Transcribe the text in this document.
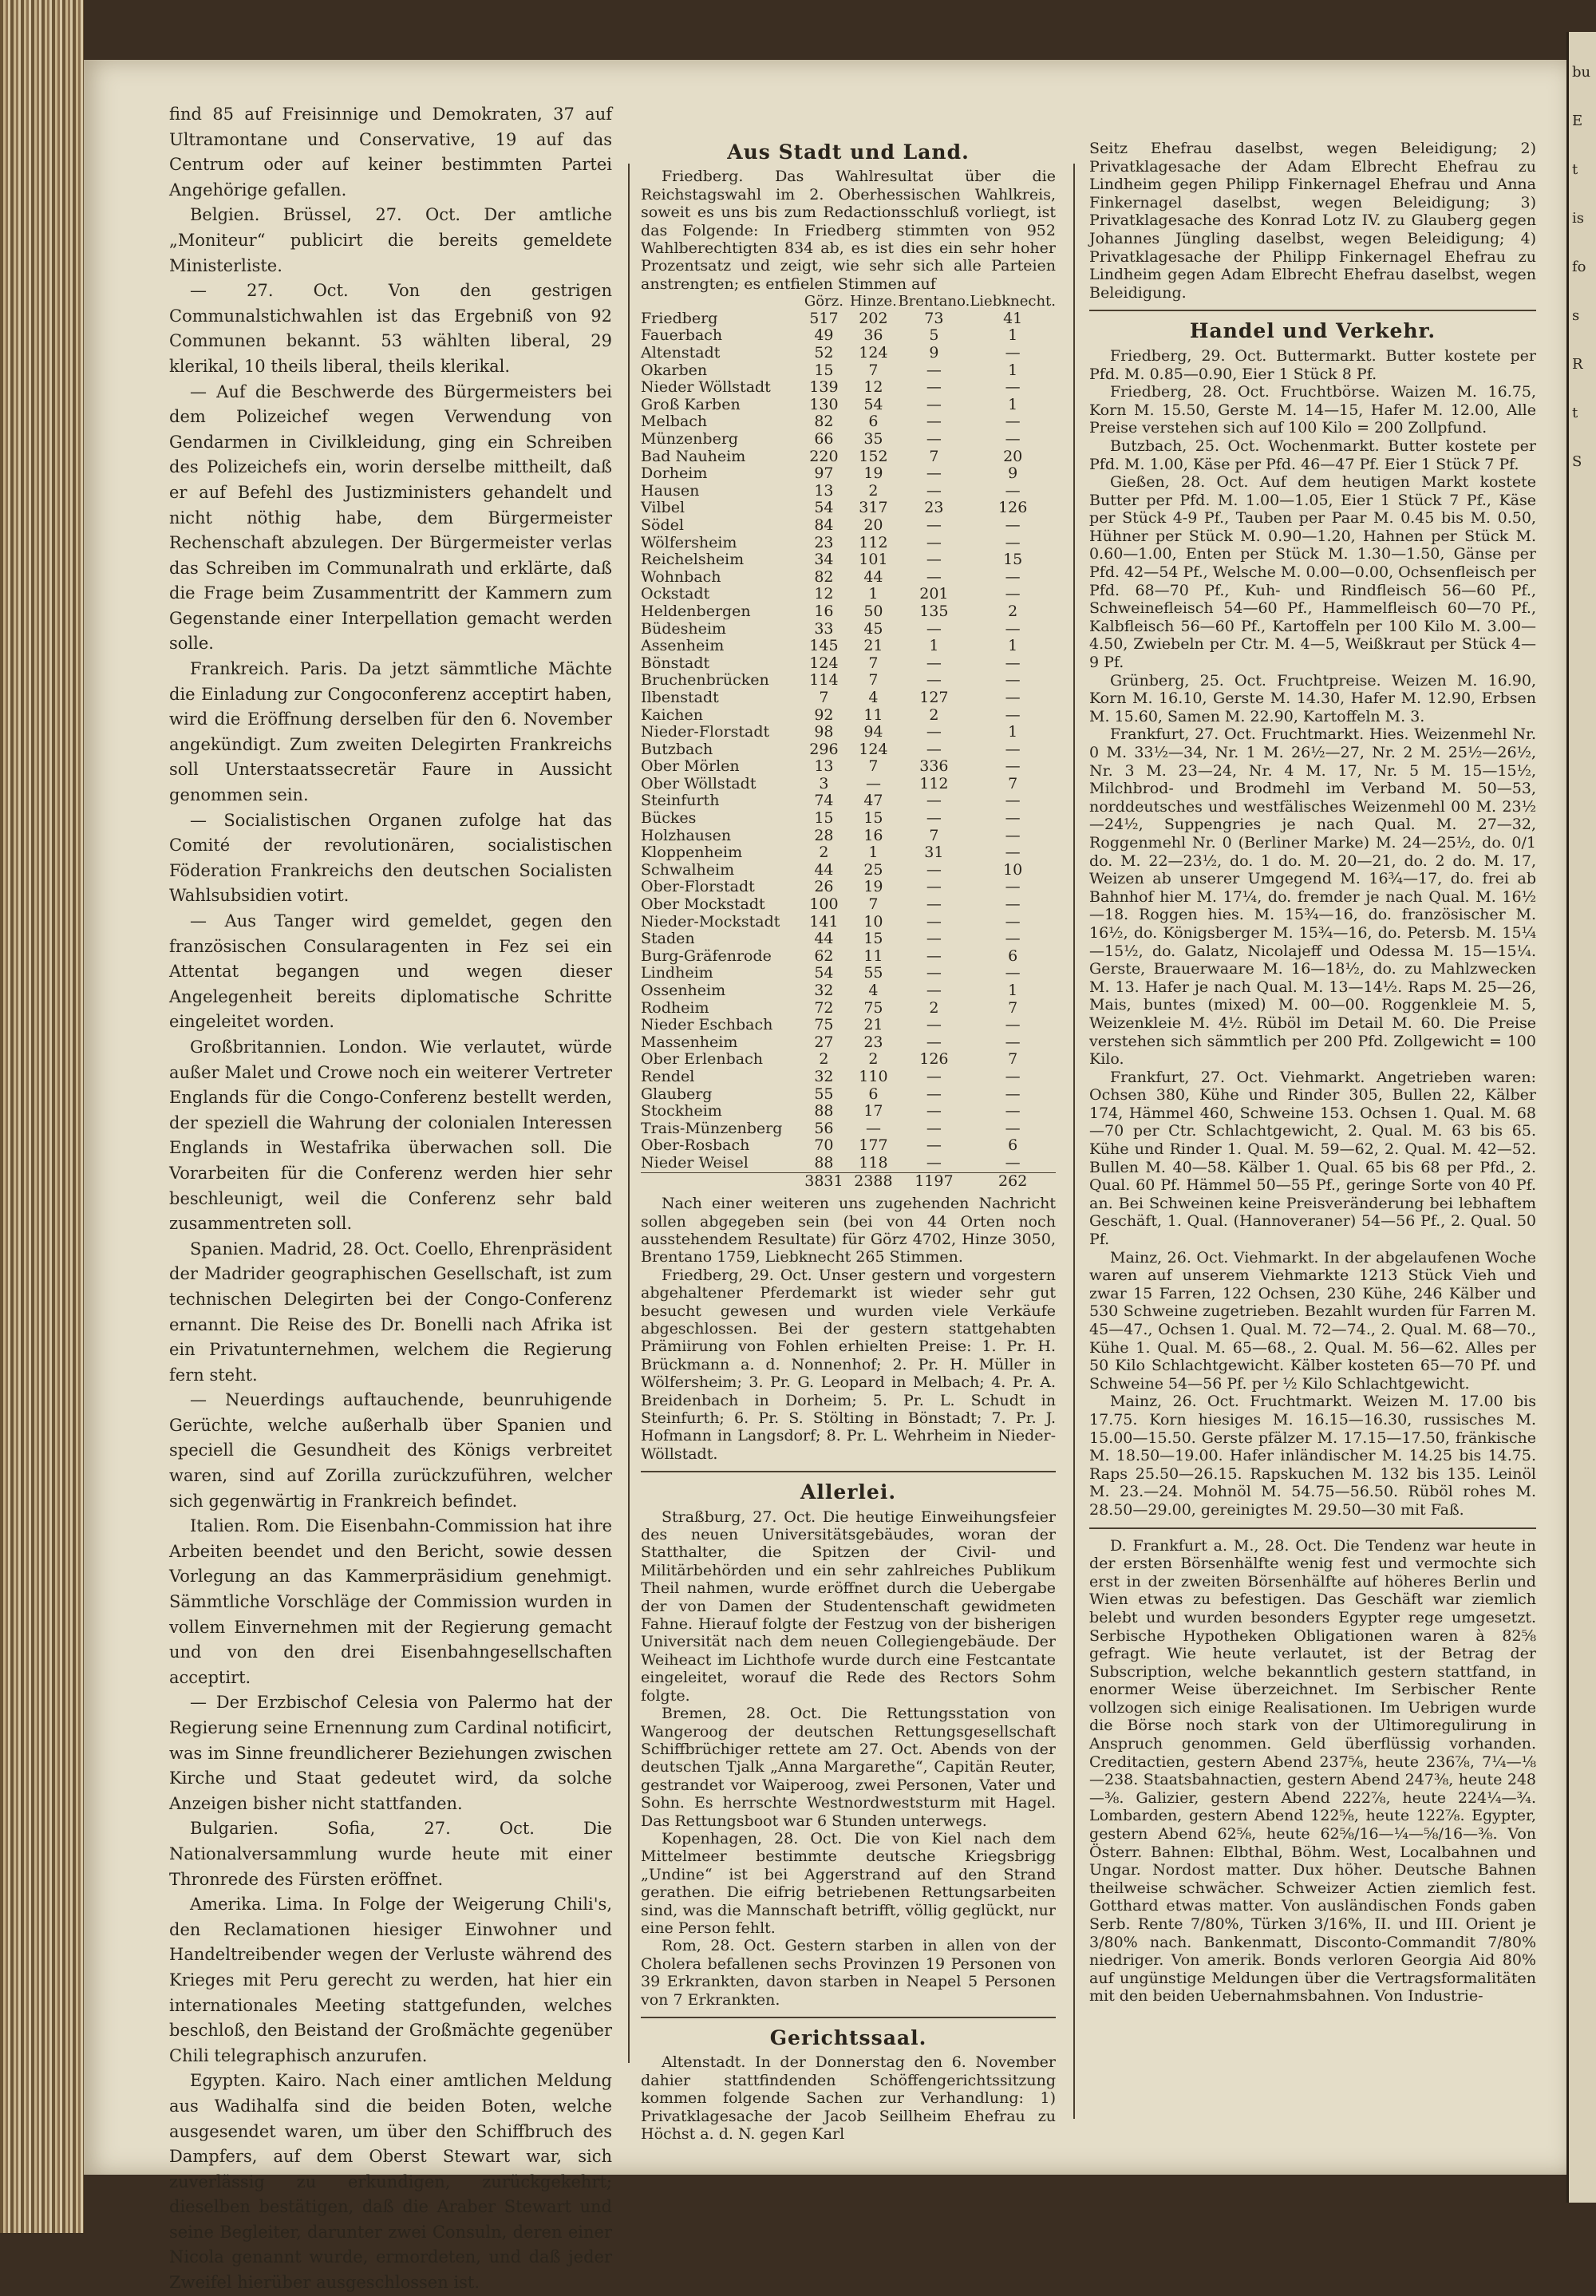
bu
E
t
is
fo
s
R
t
S

find 85 auf Freisinnige und Demokraten, 37 auf Ultramontane und Conservative, 19 auf das Centrum oder auf keiner bestimmten Partei Angehörige gefallen.

Belgien. Brüssel, 27. Oct. Der amtliche „Moniteur“ publicirt die bereits gemeldete Ministerliste.

— 27. Oct. Von den gestrigen Communalstichwahlen ist das Ergebniß von 92 Communen bekannt. 53 wählten liberal, 29 klerikal, 10 theils liberal, theils klerikal.

— Auf die Beschwerde des Bürgermeisters bei dem Polizeichef wegen Verwendung von Gendarmen in Civilkleidung, ging ein Schreiben des Polizeichefs ein, worin derselbe mittheilt, daß er auf Befehl des Justizministers gehandelt und nicht nöthig habe, dem Bürgermeister Rechenschaft abzulegen. Der Bürgermeister verlas das Schreiben im Communalrath und erklärte, daß die Frage beim Zusammentritt der Kammern zum Gegenstande einer Interpellation gemacht werden solle.

Frankreich. Paris. Da jetzt sämmtliche Mächte die Einladung zur Congoconferenz acceptirt haben, wird die Eröffnung derselben für den 6. November angekündigt. Zum zweiten Delegirten Frankreichs soll Unterstaatssecretär Faure in Aussicht genommen sein.

— Socialistischen Organen zufolge hat das Comité der revolutionären, socialistischen Föderation Frankreichs den deutschen Socialisten Wahlsubsidien votirt.

— Aus Tanger wird gemeldet, gegen den französischen Consularagenten in Fez sei ein Attentat begangen und wegen dieser Angelegenheit bereits diplomatische Schritte eingeleitet worden.

Großbritannien. London. Wie verlautet, würde außer Malet und Crowe noch ein weiterer Vertreter Englands für die Congo-Conferenz bestellt werden, der speziell die Wahrung der colonialen Interessen Englands in Westafrika überwachen soll. Die Vorarbeiten für die Conferenz werden hier sehr beschleunigt, weil die Conferenz sehr bald zusammentreten soll.

Spanien. Madrid, 28. Oct. Coello, Ehrenpräsident der Madrider geographischen Gesellschaft, ist zum technischen Delegirten bei der Congo-Conferenz ernannt. Die Reise des Dr. Bonelli nach Afrika ist ein Privatunternehmen, welchem die Regierung fern steht.

— Neuerdings auftauchende, beunruhigende Gerüchte, welche außerhalb über Spanien und speciell die Gesundheit des Königs verbreitet waren, sind auf Zorilla zurückzuführen, welcher sich gegenwärtig in Frankreich befindet.

Italien. Rom. Die Eisenbahn-Commission hat ihre Arbeiten beendet und den Bericht, sowie dessen Vorlegung an das Kammerpräsidium genehmigt. Sämmtliche Vorschläge der Commission wurden in vollem Einvernehmen mit der Regierung gemacht und von den drei Eisenbahngesellschaften acceptirt.

— Der Erzbischof Celesia von Palermo hat der Regierung seine Ernennung zum Cardinal notificirt, was im Sinne freundlicherer Beziehungen zwischen Kirche und Staat gedeutet wird, da solche Anzeigen bisher nicht stattfanden.

Bulgarien. Sofia, 27. Oct. Die Nationalversammlung wurde heute mit einer Thronrede des Fürsten eröffnet.

Amerika. Lima. In Folge der Weigerung Chili's, den Reclamationen hiesiger Einwohner und Handeltreibender wegen der Verluste während des Krieges mit Peru gerecht zu werden, hat hier ein internationales Meeting stattgefunden, welches beschloß, den Beistand der Großmächte gegenüber Chili telegraphisch anzurufen.

Egypten. Kairo. Nach einer amtlichen Meldung aus Wadihalfa sind die beiden Boten, welche ausgesendet waren, um über den Schiffbruch des Dampfers, auf dem Oberst Stewart war, sich zuverlässig zu erkundigen, zurückgekehrt; dieselben bestätigen, daß die Araber Stewart und seine Begleiter, darunter zwei Consuln, deren einer Nicola genannt wurde, ermordeten, und daß jeder Zweifel hierüber ausgeschlossen ist.

Aus Stadt und Land.

Friedberg. Das Wahlresultat über die Reichstagswahl im 2. Oberhessischen Wahlkreis, soweit es uns bis zum Redactionsschluß vorliegt, ist das Folgende: In Friedberg stimmten von 952 Wahlberechtigten 834 ab, es ist dies ein sehr hoher Prozentsatz und zeigt, wie sehr sich alle Parteien anstrengten; es entfielen Stimmen auf

	Görz.	Hinze.	Brentano.	Liebknecht.
Friedberg	517	202	73	41
Fauerbach	49	36	5	1
Altenstadt	52	124	9	—
Okarben	15	7	—	1
Nieder Wöllstadt	139	12	—	—
Groß Karben	130	54	—	1
Melbach	82	6	—	—
Münzenberg	66	35	—	—
Bad Nauheim	220	152	7	20
Dorheim	97	19	—	9
Hausen	13	2	—	—
Vilbel	54	317	23	126
Södel	84	20	—	—
Wölfersheim	23	112	—	—
Reichelsheim	34	101	—	15
Wohnbach	82	44	—	—
Ockstadt	12	1	201	—
Heldenbergen	16	50	135	2
Büdesheim	33	45	—	—
Assenheim	145	21	1	1
Bönstadt	124	7	—	—
Bruchenbrücken	114	7	—	—
Ilbenstadt	7	4	127	—
Kaichen	92	11	2	—
Nieder-Florstadt	98	94	—	1
Butzbach	296	124	—	—
Ober Mörlen	13	7	336	—
Ober Wöllstadt	3	—	112	7
Steinfurth	74	47	—	—
Bückes	15	15	—	—
Holzhausen	28	16	7	—
Kloppenheim	2	1	31	—
Schwalheim	44	25	—	10
Ober-Florstadt	26	19	—	—
Ober Mockstadt	100	7	—	—
Nieder-Mockstadt	141	10	—	—
Staden	44	15	—	—
Burg-Gräfenrode	62	11	—	6
Lindheim	54	55	—	—
Ossenheim	32	4	—	1
Rodheim	72	75	2	7
Nieder Eschbach	75	21	—	—
Massenheim	27	23	—	—
Ober Erlenbach	2	2	126	7
Rendel	32	110	—	—
Glauberg	55	6	—	—
Stockheim	88	17	—	—
Trais-Münzenberg	56	—	—	—
Ober-Rosbach	70	177	—	6
Nieder Weisel	88	118	—	—
	3831	2388	1197	262

Nach einer weiteren uns zugehenden Nachricht sollen abgegeben sein (bei von 44 Orten noch ausstehendem Resultate) für Görz 4702, Hinze 3050, Brentano 1759, Liebknecht 265 Stimmen.

Friedberg, 29. Oct. Unser gestern und vorgestern abgehaltener Pferdemarkt ist wieder sehr gut besucht gewesen und wurden viele Verkäufe abgeschlossen. Bei der gestern stattgehabten Prämiirung von Fohlen erhielten Preise: 1. Pr. H. Brückmann a. d. Nonnenhof; 2. Pr. H. Müller in Wölfersheim; 3. Pr. G. Leopard in Melbach; 4. Pr. A. Breidenbach in Dorheim; 5. Pr. L. Schudt in Steinfurth; 6. Pr. S. Stölting in Bönstadt; 7. Pr. J. Hofmann in Langsdorf; 8. Pr. L. Wehrheim in Nieder-Wöllstadt.

Allerlei.

Straßburg, 27. Oct. Die heutige Einweihungsfeier des neuen Universitätsgebäudes, woran der Statthalter, die Spitzen der Civil- und Militärbehörden und ein sehr zahlreiches Publikum Theil nahmen, wurde eröffnet durch die Uebergabe der von Damen der Studentenschaft gewidmeten Fahne. Hierauf folgte der Festzug von der bisherigen Universität nach dem neuen Collegiengebäude. Der Weiheact im Lichthofe wurde durch eine Festcantate eingeleitet, worauf die Rede des Rectors Sohm folgte.

Bremen, 28. Oct. Die Rettungsstation von Wangeroog der deutschen Rettungsgesellschaft Schiffbrüchiger rettete am 27. Oct. Abends von der deutschen Tjalk „Anna Margarethe“, Capitän Reuter, gestrandet vor Waiperoog, zwei Personen, Vater und Sohn. Es herrschte Westnordweststurm mit Hagel. Das Rettungsboot war 6 Stunden unterwegs.

Kopenhagen, 28. Oct. Die von Kiel nach dem Mittelmeer bestimmte deutsche Kriegsbrigg „Undine“ ist bei Aggerstrand auf den Strand gerathen. Die eifrig betriebenen Rettungsarbeiten sind, was die Mannschaft betrifft, völlig geglückt, nur eine Person fehlt.

Rom, 28. Oct. Gestern starben in allen von der Cholera befallenen sechs Provinzen 19 Personen von 39 Erkrankten, davon starben in Neapel 5 Personen von 7 Erkrankten.

Gerichtssaal.

Altenstadt. In der Donnerstag den 6. November dahier stattfindenden Schöffengerichtssitzung kommen folgende Sachen zur Verhandlung: 1) Privatklagesache der Jacob Seillheim Ehefrau zu Höchst a. d. N. gegen Karl

Seitz Ehefrau daselbst, wegen Beleidigung; 2) Privatklagesache der Adam Elbrecht Ehefrau zu Lindheim gegen Philipp Finkernagel Ehefrau und Anna Finkernagel daselbst, wegen Beleidigung; 3) Privatklagesache des Konrad Lotz IV. zu Glauberg gegen Johannes Jüngling daselbst, wegen Beleidigung; 4) Privatklagesache der Philipp Finkernagel Ehefrau zu Lindheim gegen Adam Elbrecht Ehefrau daselbst, wegen Beleidigung.

Handel und Verkehr.

Friedberg, 29. Oct. Buttermarkt. Butter kostete per Pfd. M. 0.85—0.90, Eier 1 Stück 8 Pf.

Friedberg, 28. Oct. Fruchtbörse. Waizen M. 16.75, Korn M. 15.50, Gerste M. 14—15, Hafer M. 12.00, Alle Preise verstehen sich auf 100 Kilo = 200 Zollpfund.

Butzbach, 25. Oct. Wochenmarkt. Butter kostete per Pfd. M. 1.00, Käse per Pfd. 46—47 Pf. Eier 1 Stück 7 Pf.

Gießen, 28. Oct. Auf dem heutigen Markt kostete Butter per Pfd. M. 1.00—1.05, Eier 1 Stück 7 Pf., Käse per Stück 4-9 Pf., Tauben per Paar M. 0.45 bis M. 0.50, Hühner per Stück M. 0.90—1.20, Hahnen per Stück M. 0.60—1.00, Enten per Stück M. 1.30—1.50, Gänse per Pfd. 42—54 Pf., Welsche M. 0.00—0.00, Ochsenfleisch per Pfd. 68—70 Pf., Kuh- und Rindfleisch 56—60 Pf., Schweinefleisch 54—60 Pf., Hammelfleisch 60—70 Pf., Kalbfleisch 56—60 Pf., Kartoffeln per 100 Kilo M. 3.00—4.50, Zwiebeln per Ctr. M. 4—5, Weißkraut per Stück 4—9 Pf.

Grünberg, 25. Oct. Fruchtpreise. Weizen M. 16.90, Korn M. 16.10, Gerste M. 14.30, Hafer M. 12.90, Erbsen M. 15.60, Samen M. 22.90, Kartoffeln M. 3.

Frankfurt, 27. Oct. Fruchtmarkt. Hies. Weizenmehl Nr. 0 M. 33½—34, Nr. 1 M. 26½—27, Nr. 2 M. 25½—26½, Nr. 3 M. 23—24, Nr. 4 M. 17, Nr. 5 M. 15—15½, Milchbrod- und Brodmehl im Verband M. 50—53, norddeutsches und westfälisches Weizenmehl 00 M. 23½—24½, Suppengries je nach Qual. M. 27—32, Roggenmehl Nr. 0 (Berliner Marke) M. 24—25½, do. 0/1 do. M. 22—23½, do. 1 do. M. 20—21, do. 2 do. M. 17, Weizen ab unserer Umgegend M. 16¾—17, do. frei ab Bahnhof hier M. 17¼, do. fremder je nach Qual. M. 16½—18. Roggen hies. M. 15¾—16, do. französischer M. 16½, do. Königsberger M. 15¾—16, do. Petersb. M. 15¼—15½, do. Galatz, Nicolajeff und Odessa M. 15—15¼. Gerste, Brauerwaare M. 16—18½, do. zu Mahlzwecken M. 13. Hafer je nach Qual. M. 13—14½. Raps M. 25—26, Mais, buntes (mixed) M. 00—00. Roggenkleie M. 5, Weizenkleie M. 4½. Rüböl im Detail M. 60. Die Preise verstehen sich sämmtlich per 200 Pfd. Zollgewicht = 100 Kilo.

Frankfurt, 27. Oct. Viehmarkt. Angetrieben waren: Ochsen 380, Kühe und Rinder 305, Bullen 22, Kälber 174, Hämmel 460, Schweine 153. Ochsen 1. Qual. M. 68—70 per Ctr. Schlachtgewicht, 2. Qual. M. 63 bis 65. Kühe und Rinder 1. Qual. M. 59—62, 2. Qual. M. 42—52. Bullen M. 40—58. Kälber 1. Qual. 65 bis 68 per Pfd., 2. Qual. 60 Pf. Hämmel 50—55 Pf., geringe Sorte von 40 Pf. an. Bei Schweinen keine Preisveränderung bei lebhaftem Geschäft, 1. Qual. (Hannoveraner) 54—56 Pf., 2. Qual. 50 Pf.

Mainz, 26. Oct. Viehmarkt. In der abgelaufenen Woche waren auf unserem Viehmarkte 1213 Stück Vieh und zwar 15 Farren, 122 Ochsen, 230 Kühe, 246 Kälber und 530 Schweine zugetrieben. Bezahlt wurden für Farren M. 45—47., Ochsen 1. Qual. M. 72—74., 2. Qual. M. 68—70., Kühe 1. Qual. M. 65—68., 2. Qual. M. 56—62. Alles per 50 Kilo Schlachtgewicht. Kälber kosteten 65—70 Pf. und Schweine 54—56 Pf. per ½ Kilo Schlachtgewicht.

Mainz, 26. Oct. Fruchtmarkt. Weizen M. 17.00 bis 17.75. Korn hiesiges M. 16.15—16.30, russisches M. 15.00—15.50. Gerste pfälzer M. 17.15—17.50, fränkische M. 18.50—19.00. Hafer inländischer M. 14.25 bis 14.75. Raps 25.50—26.15. Rapskuchen M. 132 bis 135. Leinöl M. 23.—24. Mohnöl M. 54.75—56.50. Rüböl rohes M. 28.50—29.00, gereinigtes M. 29.50—30 mit Faß.

D. Frankfurt a. M., 28. Oct. Die Tendenz war heute in der ersten Börsenhälfte wenig fest und vermochte sich erst in der zweiten Börsenhälfte auf höheres Berlin und Wien etwas zu befestigen. Das Geschäft war ziemlich belebt und wurden besonders Egypter rege umgesetzt. Serbische Hypotheken Obligationen waren à 82⅝ gefragt. Wie heute verlautet, ist der Betrag der Subscription, welche bekanntlich gestern stattfand, in enormer Weise überzeichnet. Im Serbischer Rente vollzogen sich einige Realisationen. Im Uebrigen wurde die Börse noch stark von der Ultimoregulirung in Anspruch genommen. Geld überflüssig vorhanden. Creditactien, gestern Abend 237⅝, heute 236⅞, 7¼—⅛—238. Staatsbahnactien, gestern Abend 247⅜, heute 248—⅜. Galizier, gestern Abend 222⅞, heute 224¼—¾. Lombarden, gestern Abend 122⅝, heute 122⅞. Egypter, gestern Abend 62⅝, heute 62⅝/16—¼—⅝/16—⅜. Von Österr. Bahnen: Elbthal, Böhm. West, Localbahnen und Ungar. Nordost matter. Dux höher. Deutsche Bahnen theilweise schwächer. Schweizer Actien ziemlich fest. Gotthard etwas matter. Von ausländischen Fonds gaben Serb. Rente 7/80%, Türken 3/16%, II. und III. Orient je 3/80% nach. Bankenmatt, Disconto-Commandit 7/80% niedriger. Von amerik. Bonds verloren Georgia Aid 80% auf ungünstige Meldungen über die Vertragsformalitäten mit den beiden Uebernahmsbahnen. Von Industrie-
